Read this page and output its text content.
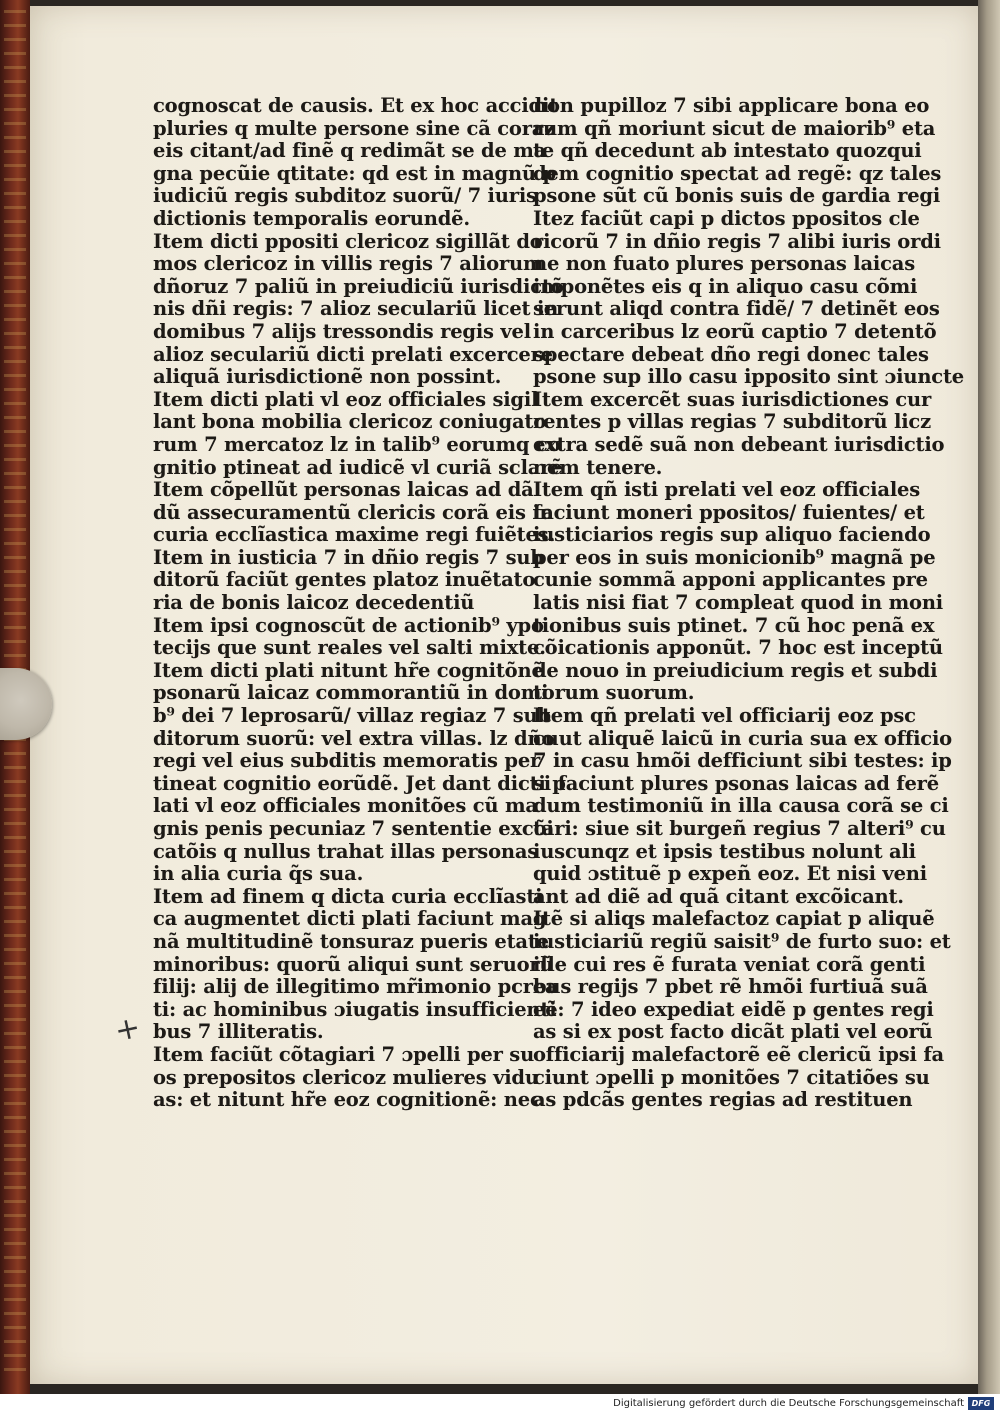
cognoscat de causis. Et ex hoc accidit
pluries q multe persone sine cã coraz
eis citant/ad finẽ q redimãt se de ma
gna pecũie qtitate: qd est in magnũ p
iudiciũ regis subditoz suorũ/ 7 iuris
dictionis temporalis eorundẽ.
Item dicti ppositi clericoz sigillãt do
mos clericoz in villis regis 7 aliorum
dñoruz 7 paliũ in preiudiciũ iurisdictõ
nis dñi regis: 7 alioz seculariũ licet in
domibus 7 alijs tressondis regis vel
alioz seculariũ dicti prelati excercere
aliquã iurisdictionẽ non possint.
Item dicti plati vl eoz officiales sigil
lant bona mobilia clericoz coniugato
rum 7 mercatoz lz in talib⁹ eorumq co
gnitio ptineat ad iudicẽ vl curiã sclarẽ
Item cõpellũt personas laicas ad dã
dũ assecuramentũ clericis corã eis in
curia ecclĩastica maxime regi fuiẽtes.
Item in iusticia 7 in dñio regis 7 sub
ditorũ faciũt gentes platoz inuẽtato
ria de bonis laicoz decedentiũ
Item ipsi cognoscũt de actionib⁹ ypo
tecijs que sunt reales vel salti mixte.
Item dicti plati nitunt hr̃e cognitõnẽ
psonarũ laicaz commorantiũ in domi
b⁹ dei 7 leprosarũ/ villaz regiaz 7 sub
ditorum suorũ: vel extra villas. lz dño
regi vel eius subditis memoratis per
tineat cognitio eorũdẽ. Jet dant dicti p
lati vl eoz officiales monitões cũ ma
gnis penis pecuniaz 7 sententie excõi
catõis q nullus trahat illas personas
in alia curia q̃s sua.
Item ad finem q dicta curia ecclĩasti
ca augmentet dicti plati faciunt mag
nã multitudinẽ tonsuraz pueris etate
minoribus: quorũ aliqui sunt seruorũ
filij: alij de illegitimo mr̃imonio pcrea
ti: ac hominibus ɔiugatis insufficienti
bus 7 illiteratis.
Item faciũt cõtagiari 7 ɔpelli per su
os prepositos clericoz mulieres vidu
as: et nitunt hr̃e eoz cognitionẽ: nec
non pupilloz 7 sibi applicare bona eo
rum qñ moriunt sicut de maiorib⁹ eta
te qñ decedunt ab intestato quozqui
dem cognitio spectat ad regẽ: qz tales
psone sũt cũ bonis suis de gardia regi
Itez faciũt capi p dictos ppositos cle
ricorũ 7 in dñio regis 7 alibi iuris ordi
ne non fuato plures personas laicas
imponẽtes eis q in aliquo casu cõmi
serunt aliqd contra fidẽ/ 7 detinẽt eos
in carceribus lz eorũ captio 7 detentõ
spectare debeat dño regi donec tales
psone sup illo casu ipposito sint ɔiuncte
Item excercẽt suas iurisdictiones cur
rentes p villas regias 7 subditorũ licz
extra sedẽ suã non debeant iurisdictio
nem tenere.
Item qñ isti prelati vel eoz officiales
faciunt moneri ppositos/ fuientes/ et
iusticiarios regis sup aliquo faciendo
per eos in suis monicionib⁹ magnã pe
cunie sommã apponi applicantes pre
latis nisi fiat 7 compleat quod in moni
tionibus suis ptinet. 7 cũ hoc penã ex
cõicationis apponũt. 7 hoc est inceptũ
de nouo in preiudicium regis et subdi
torum suorum.
Item qñ prelati vel officiarij eoz psc
cuut aliquẽ laicũ in curia sua ex officio
7 in casu hmõi defficiunt sibi testes: ip
si faciunt plures psonas laicas ad ferẽ
dum testimoniũ in illa causa corã se ci
tari: siue sit burgeñ regius 7 alteri⁹ cu
iuscunqz et ipsis testibus nolunt ali
quid ɔstituẽ p expeñ eoz. Et nisi veni
ant ad diẽ ad quã citant excõicant.
Itẽ si aliqs malefactoz capiat p aliquẽ
iusticiariũ regiũ saisit⁹ de furto suo: et
ille cui res ẽ furata veniat corã genti
bus regijs 7 pbet rẽ hmõi furtiuã suã
eẽ: 7 ideo expediat eidẽ p gentes regi
as si ex post facto dicãt plati vel eorũ
officiarij malefactorẽ eẽ clericũ ipsi fa
ciunt ɔpelli p monitões 7 citatiões su
as pdcãs gentes regias ad restituen
+
Digitalisierung gefördert durch die Deutsche Forschungsgemeinschaft DFG
